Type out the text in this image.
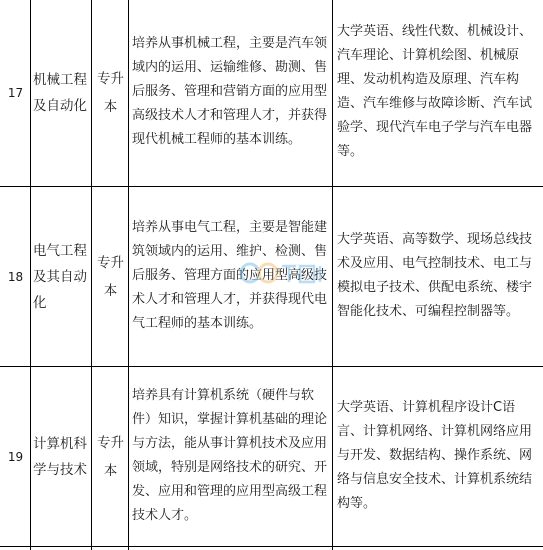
17
机械工程及自动化
专升本
培养从事机械工程，主要是汽车领域内的运用、运输维修、勘测、售后服务、管理和营销方面的应用型高级技术人才和管理人才，并获得现代机械工程师的基本训练。
大学英语、线性代数、机械设计、汽车理论、计算机绘图、机械原理、发动机构造及原理、汽车构造、汽车维修与故障诊断、汽车试验学、现代汽车电子学与汽车电器等。
18
电气工程及其自动化
专升本
培养从事电气工程，主要是智能建筑领域内的运用、维护、检测、售后服务、管理方面的应用型高级技术人才和管理人才，并获得现代电气工程师的基本训练。
大学英语、高等数学、现场总线技术及应用、电气控制技术、电工与模拟电子技术、供配电系统、楼宇智能化技术、可编程控制器等。
19
计算机科学与技术
专升本
培养具有计算机系统（硬件与软件）知识，掌握计算机基础的理论与方法，能从事计算机技术及应用领域，特别是网络技术的研究、开发、应用和管理的应用型高级工程技术人才。
大学英语、计算机程序设计C语言、计算机网络、计算机网络应用与开发、数据结构、操作系统、网络与信息安全技术、计算机系统结构等。
